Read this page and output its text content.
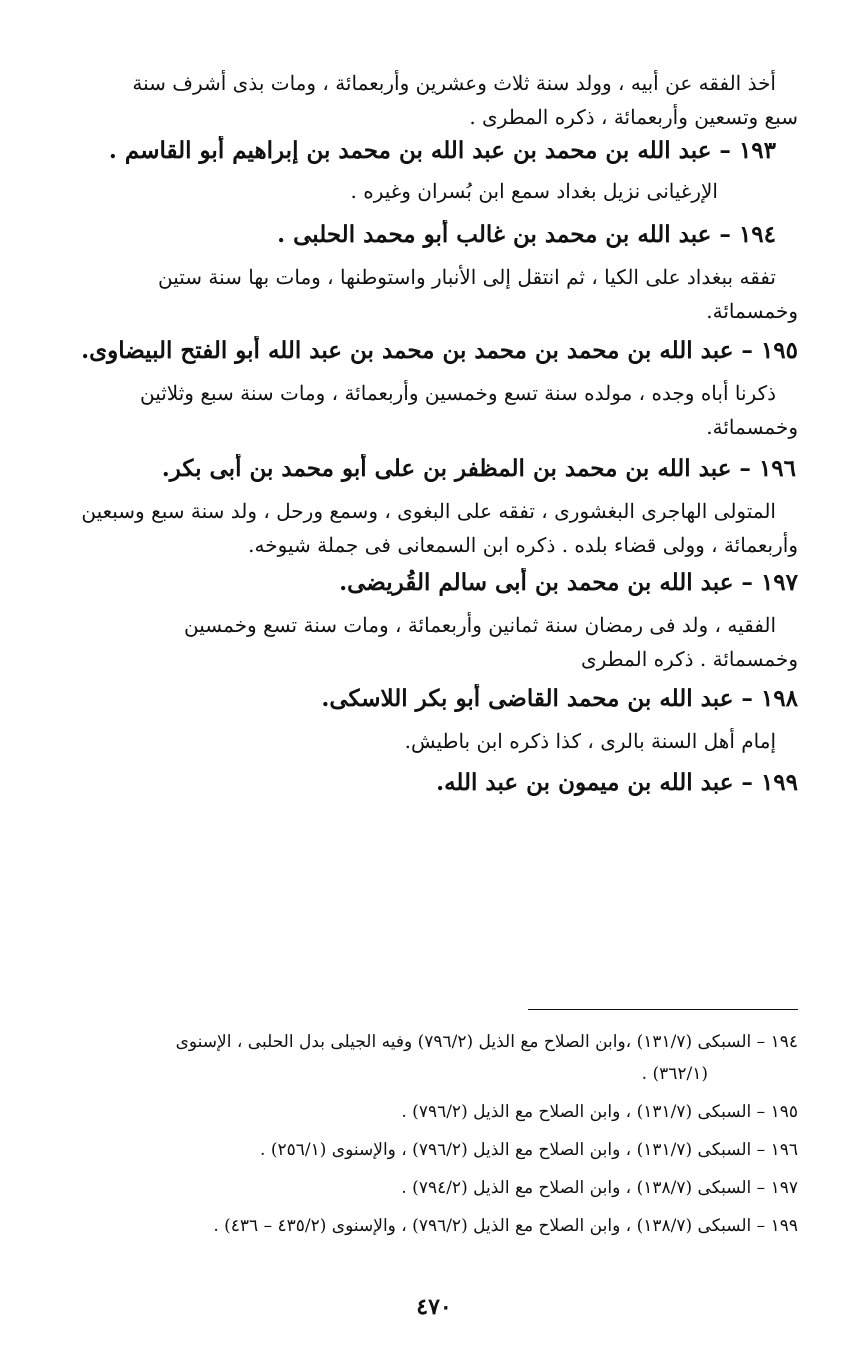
أخذ الفقه عن أبيه ، وولد سنة ثلاث وعشرين وأربعمائة ، ومات بذى أشرف سنة

سبع وتسعين وأربعمائة ، ذكره المطرى .

١٩٣ – عبد الله بن محمد بن عبد الله بن محمد بن إبراهيم أبو القاسم .

الإرغيانى نزيل بغداد سمع ابن بُسران وغيره .

١٩٤ – عبد الله بن محمد بن غالب أبو محمد الحلبى .

تفقه ببغداد على الكيا ، ثم انتقل إلى الأنبار واستوطنها ، ومات بها سنة ستين

وخمسمائة.

١٩٥ – عبد الله بن محمد بن محمد بن محمد بن عبد الله أبو الفتح البيضاوى.

ذكرنا أباه وجده ، مولده سنة تسع وخمسين وأربعمائة ، ومات سنة سبع وثلاثين

وخمسمائة.

١٩٦ – عبد الله بن محمد بن المظفر بن على أبو محمد بن أبى بكر.

المتولى الهاجرى البغشورى ، تفقه على البغوى ، وسمع ورحل ، ولد سنة سبع وسبعين

وأربعمائة ، وولى قضاء بلده . ذكره ابن السمعانى فى جملة شيوخه.

١٩٧ – عبد الله بن محمد بن أبى سالم القُريضى.

الفقيه ، ولد فى رمضان سنة ثمانين وأربعمائة ، ومات سنة تسع وخمسين

وخمسمائة . ذكره المطرى

١٩٨ – عبد الله بن محمد القاضى أبو بكر اللاسكى.

إمام أهل السنة بالرى ، كذا ذكره ابن باطيش.

١٩٩ – عبد الله بن ميمون بن عبد الله.

١٩٤ – السبكى (١٣١/٧) ،وابن الصلاح مع الذيل (٧٩٦/٢) وفيه الجيلى بدل الحلبى ، الإسنوى

(٣٦٢/١) .

١٩٥ – السبكى (١٣١/٧) ، وابن الصلاح مع الذيل (٧٩٦/٢) .

١٩٦ – السبكى (١٣١/٧) ، وابن الصلاح مع الذيل (٧٩٦/٢) ، والإسنوى (٢٥٦/١) .

١٩٧ – السبكى (١٣٨/٧) ، وابن الصلاح مع الذيل (٧٩٤/٢) .

١٩٩ – السبكى (١٣٨/٧) ، وابن الصلاح مع الذيل (٧٩٦/٢) ، والإسنوى (٤٣٥/٢ – ٤٣٦) .

٤٧٠
